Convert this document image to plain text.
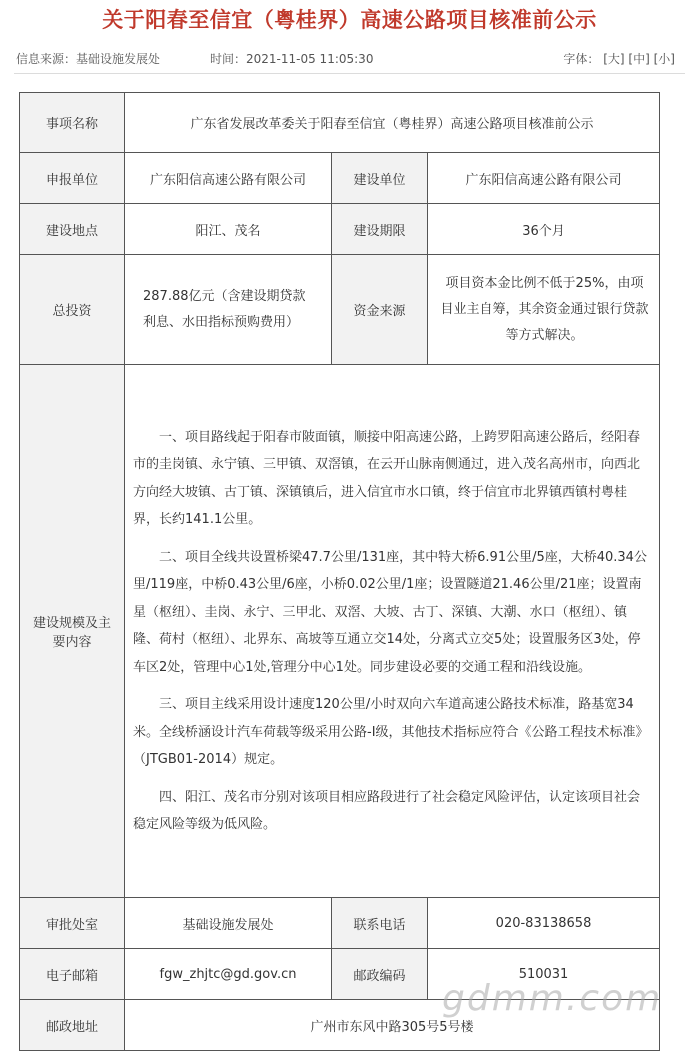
关于阳春至信宜（粤桂界）高速公路项目核准前公示
信息来源：基础设施发展处	时间：2021-11-05 11:05:30	字体： [大] [中] [小]
事项名称	广东省发展改革委关于阳春至信宜（粤桂界）高速公路项目核准前公示		
申报单位	广东阳信高速公路有限公司	建设单位	广东阳信高速公路有限公司
建设地点	阳江、茂名	建设期限	36个月
总投资	287.88亿元（含建设期贷款利息、水田指标预购费用）	资金来源	项目资本金比例不低于25%，由项目业主自筹，其余资金通过银行贷款等方式解决。
建设规模及主要内容	一、项目路线起于阳春市陂面镇，顺接中阳高速公路，上跨罗阳高速公路后，经阳春市的圭岗镇、永宁镇、三甲镇、双滘镇，在云开山脉南侧通过，进入茂名高州市，向西北方向经大坡镇、古丁镇、深镇镇后，进入信宜市水口镇，终于信宜市北界镇西镇村粤桂界，长约141.1公里。

二、项目全线共设置桥梁47.7公里/131座，其中特大桥6.91公里/5座，大桥40.34公里/119座，中桥0.43公里/6座，小桥0.02公里/1座；设置隧道21.46公里/21座；设置南星（枢纽）、圭岗、永宁、三甲北、双滘、大坡、古丁、深镇、大潮、水口（枢纽）、镇隆、荷村（枢纽）、北界东、高坡等互通立交14处，分离式立交5处；设置服务区3处，停车区2处，管理中心1处,管理分中心1处。同步建设必要的交通工程和沿线设施。

三、项目主线采用设计速度120公里/小时双向六车道高速公路技术标准，路基宽34米。全线桥涵设计汽车荷载等级采用公路-Ⅰ级，其他技术指标应符合《公路工程技术标准》（JTGB01-2014）规定。

四、阳江、茂名市分别对该项目相应路段进行了社会稳定风险评估，认定该项目社会稳定风险等级为低风险。		

审批处室	基础设施发展处	联系电话	020-83138658
电子邮箱	fgw_zhjtc@gd.gov.cn	邮政编码	510031
邮政地址	广州市东风中路305号5号楼		
gdmm.com
